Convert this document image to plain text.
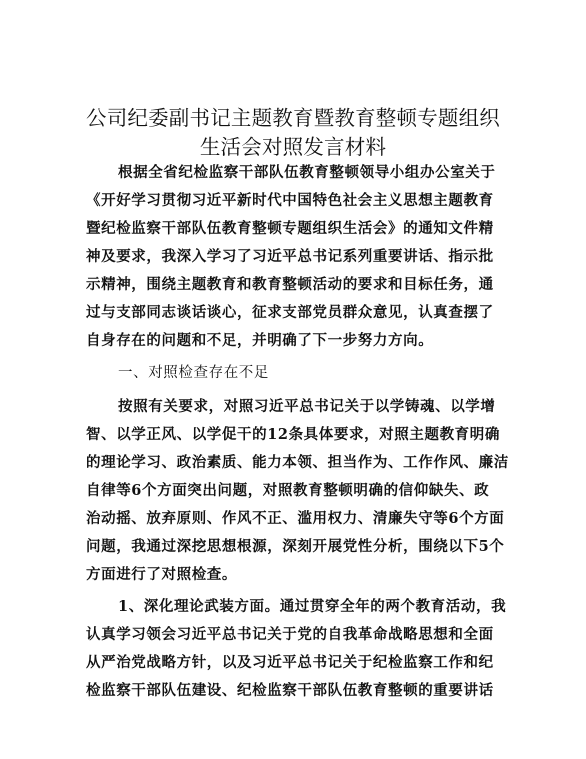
公司纪委副书记主题教育暨教育整顿专题组织
生活会对照发言材料
根据全省纪检监察干部队伍教育整顿领导小组办公室关于
《开好学习贯彻习近平新时代中国特色社会主义思想主题教育
暨纪检监察干部队伍教育整顿专题组织生活会》的通知文件精
神及要求，我深入学习了习近平总书记系列重要讲话、指示批
示精神，围绕主题教育和教育整顿活动的要求和目标任务，通
过与支部同志谈话谈心，征求支部党员群众意见，认真查摆了
自身存在的问题和不足，并明确了下一步努力方向。
一、对照检查存在不足
按照有关要求，对照习近平总书记关于以学铸魂、以学增
智、以学正风、以学促干的12条具体要求，对照主题教育明确
的理论学习、政治素质、能力本领、担当作为、工作作风、廉洁
自律等6个方面突出问题，对照教育整顿明确的信仰缺失、政
治动摇、放弃原则、作风不正、滥用权力、清廉失守等6个方面
问题，我通过深挖思想根源，深刻开展党性分析，围绕以下5个
方面进行了对照检查。
1、深化理论武装方面。通过贯穿全年的两个教育活动，我
认真学习领会习近平总书记关于党的自我革命战略思想和全面
从严治党战略方针，以及习近平总书记关于纪检监察工作和纪
检监察干部队伍建设、纪检监察干部队伍教育整顿的重要讲话
